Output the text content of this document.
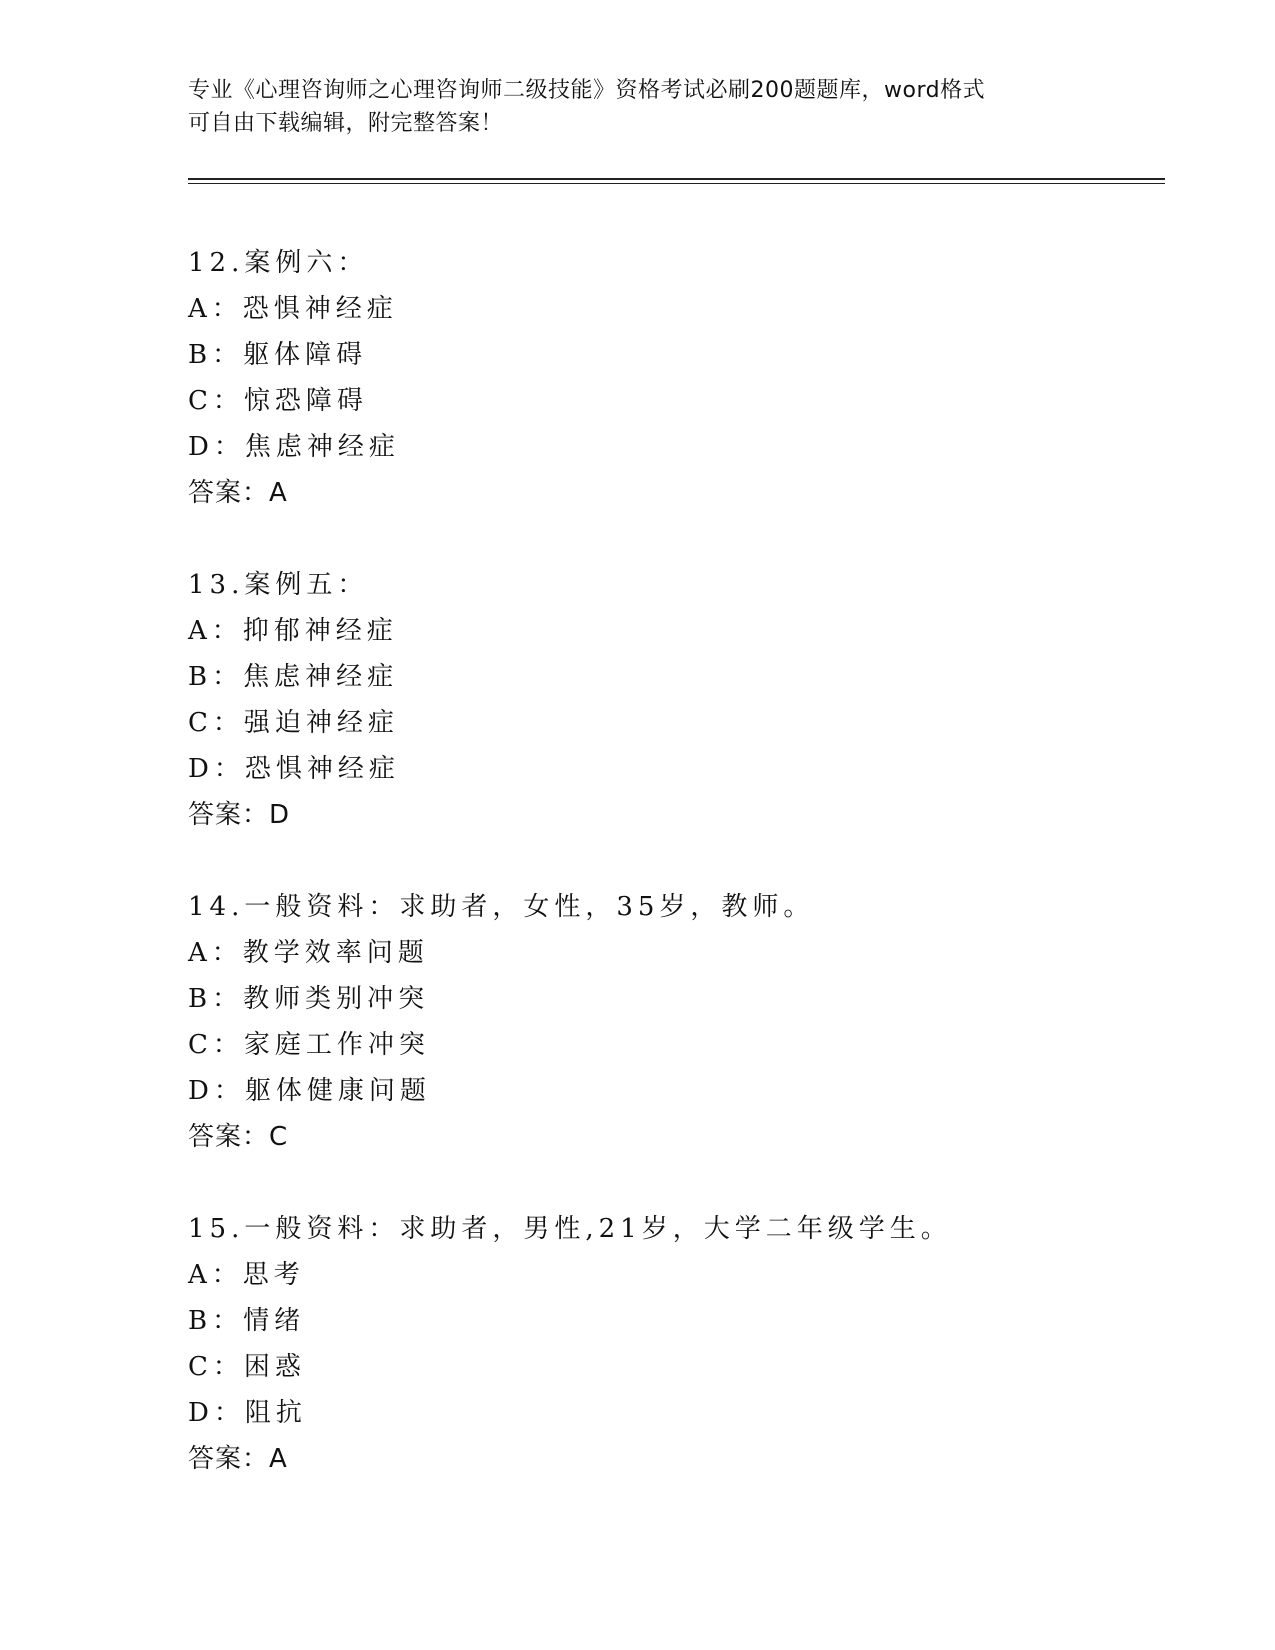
专业《心理咨询师之心理咨询师二级技能》资格考试必刷200题题库，word格式
可自由下载编辑，附完整答案！
12.案例六：
A：恐惧神经症
B：躯体障碍
C：惊恐障碍
D：焦虑神经症
答案：A
13.案例五：
A：抑郁神经症
B：焦虑神经症
C：强迫神经症
D：恐惧神经症
答案：D
14.一般资料：求助者，女性，35岁，教师。
A：教学效率问题
B：教师类别冲突
C：家庭工作冲突
D：躯体健康问题
答案：C
15.一般资料：求助者，男性,21岁，大学二年级学生。
A：思考
B：情绪
C：困惑
D：阻抗
答案：A
